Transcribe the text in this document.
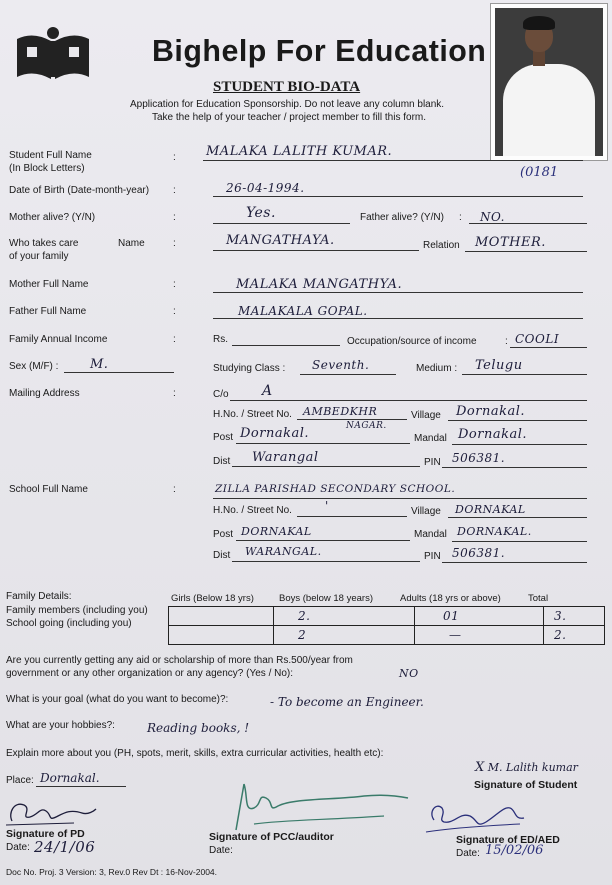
Bighelp For Education
STUDENT BIO-DATA
Application for Education Sponsorship. Do not leave any column blank.
Take the help of your teacher / project member to fill this form.
Student Full Name
(In Block Letters)
: MALAKA LALITH KUMAR.
(0181
Date of Birth (Date-month-year) :	26-04-1994.
Mother alive? (Y/N)	:	Yes.	Father alive? (Y/N) : NO.
Who takes care
of your family
Name	:	MANGATHAYA.	Relation MOTHER.
Mother Full Name	:	MALAKA MANGATHYA.
Father Full Name	:	MALAKALA GOPAL.
Family Annual Income	:	Rs.	Occupation/source of income	: COOLI
Sex (M/F) : M.	Studying Class : Seventh.	Medium : Telugu
Mailing Address	:	C/o A
H.No. / Street No. AMBEDKHR
NAGAR.
Village Dornakal.
Post Dornakal.	Mandal Dornakal.
Dist Warangal	PIN 506381.
School Full Name	:	ZILLA PARISHAD SECONDARY SCHOOL.
H.No. / Street No.	'	Village DORNAKAL
Post DORNAKAL	Mandal DORNAKAL.
Dist WARANGAL.	PIN 506381.
Family Details:
Family members (including you)
School going (including you)
Girls (Below 18 yrs)	Boys (below 18 years)	Adults (18 yrs or above)	Total
	2.	01	3.
	2	—	2.
Are you currently getting any aid or scholarship of more than Rs.500/year from
government or any other organization or any agency? (Yes / No):	NO
What is your goal (what do you want to become)?:	- To become an Engineer.
What are your hobbies?:	Reading books, !
Explain more about you (PH, spots, merit, skills, extra curricular activities, health etc):
Place: Dornakal.
X M. Lalith kumar
Signature of Student
Signature of PD
Date: 24/1/06
Signature of PCC/auditor
Date:
Signature of ED/AED
Date: 15/02/06
Doc No. Proj. 3 Version: 3, Rev.0 Rev Dt : 16-Nov-2004.
